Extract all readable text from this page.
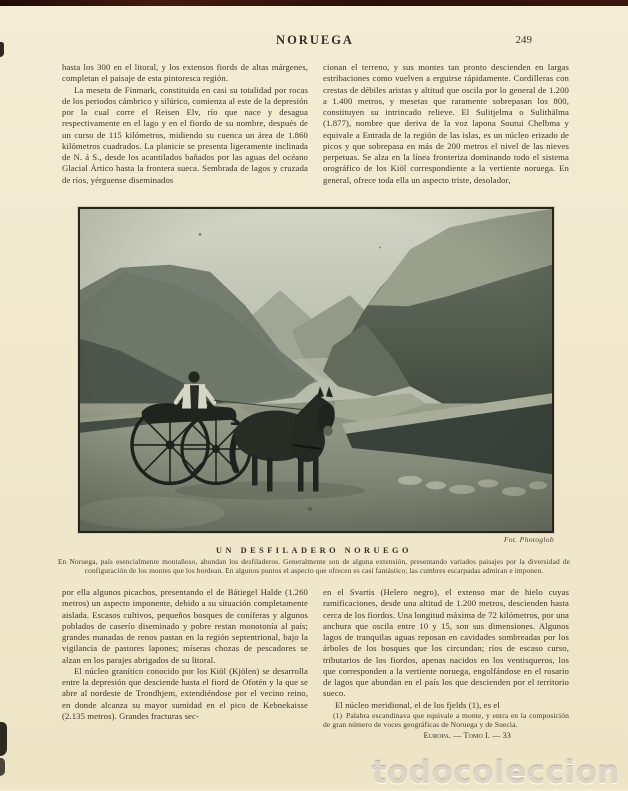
NORUEGA	249

hasta los 300 en el litoral, y los extensos fiords de altas márgenes, completan el paisaje de esta pintoresca región.

La meseta de Finmark, constituida en casi su totalidad por rocas de los periodos cámbrico y silúrico, comienza al este de la depresión por la cual corre el Reisen Elv, río que nace y desagua respectivamente en el lago y en el fiordo de su nombre, después de un curso de 115 kilómetros, midiendo su cuenca un área de 1.860 kilómetros cuadrados. La planicie se presenta ligeramente inclinada de N. á S., desde los acantilados bañados por las aguas del océano Glacial Ártico hasta la frontera sueca. Sembrada de lagos y cruzada de ríos, yérguense diseminados

cionan el terreno, y sus montes tan pronto descienden en largas estribaciones como vuelven a erguirse rápidamente. Cordilleras con crestas de débiles aristas y altitud que oscila por lo general de 1.200 a 1.400 metros, y mesetas que raramente sobrepasan los 800, constituyen su intrincado relieve. El Sulitjelma o Sulithälma (1.877), nombre que deriva de la voz lapona Soutui Chelbma y equivale a Entrada de la región de las islas, es un núcleo erizado de picos y que sobrepasa en más de 200 metros el nivel de las nieves perpetuas. Se alza en la línea fronteriza dominando todo el sistema orográfico de los Kiöl correspondiente a la vertiente noruega. En general, ofrece toda ella un aspecto triste, desolador,

Fot. Photoglob
UN DESFILADERO NORUEGO
En Noruega, país esencialmente montañoso, abundan los desfiladeros. Generalmente son de alguna extensión, presentando variados paisajes por la diversidad de configuración de los montes que los bordean. En algunos puntos el aspecto que ofrecen es casi fantástico; las cumbres escarpadas admiran e imponen.

por ella algunos picachos, presentando el de Bátiegel Halde (1.260 metros) un aspecto imponente, debido a su situación completamente aislada. Escasos cultivos, pequeños bosques de coníferas y algunos poblados de caserío diseminado y pobre restan monotonía al país; grandes manadas de renos pastan en la región septentrional, bajo la vigilancia de pastores lapones; míseras chozas de pescadores se alzan en los parajes abrigados de su litoral.

El núcleo granítico conocido por los Kiöl (Kjölen) se desarrolla entre la depresión que desciende hasta el fiord de Ofotén y la que se abre al nordeste de Trondhjem, extendiéndose por el vecino reino, en donde alcanza su mayor sumidad en el pico de Kebnekaisse (2.135 metros). Grandes fracturas sec-

en el Svartis (Helero negro), el extenso mar de hielo cuyas ramificaciones, desde una altitud de 1.200 metros, descienden hasta cerca de los fiordos. Una longitud máxima de 72 kilómetros, por una anchura que oscila entre 10 y 15, son sus dimensiones. Algunos lagos de tranquilas aguas reposan en cavidades sombreadas por los árboles de los bosques que los circundan; ríos de escaso curso, tributarios de los fiordos, apenas nacidos en los ventisqueros, los que corresponden a la vertiente noruega, engolfándose en el rosario de lagos que abundan en el país los que descienden por el territorio sueco.

El núcleo meridional, el de los fjelds (1), es el

(1) Palabra escandinava que equivale a monte, y entra en la composición de gran número de voces geográficas de Noruega y de Suecia.

Europa. — Tomo I. — 33

todocoleccion
